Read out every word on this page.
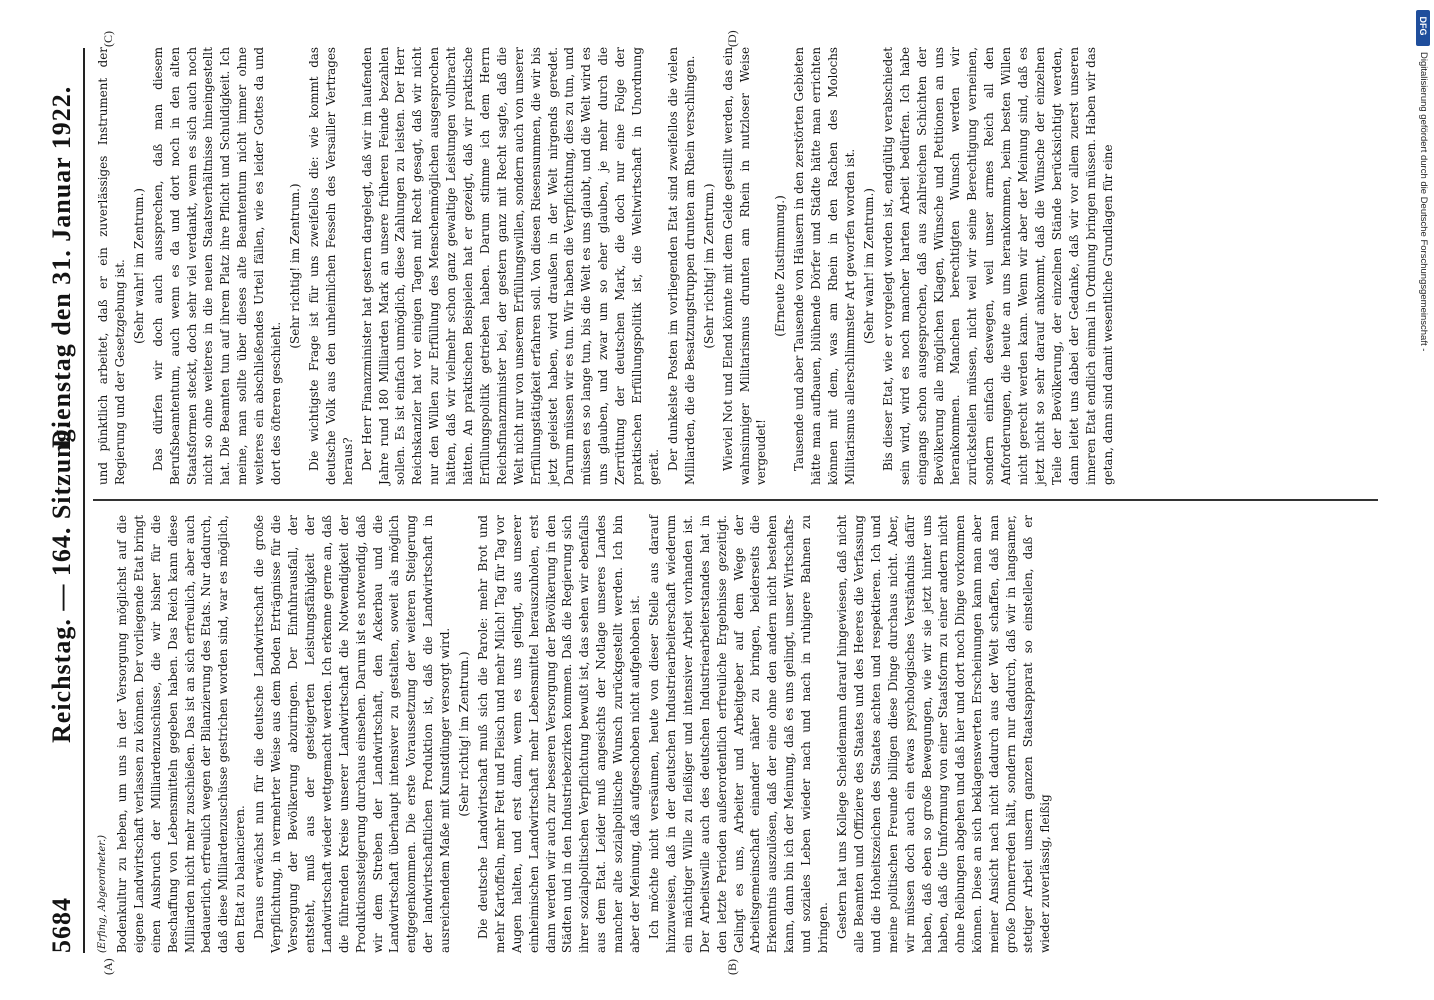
5684
Reichstag. — 164. Sitzung.
Dienstag den 31. Januar 1922.
(A)	(B)
(C)	(D)

(Erfing, Abgeordneter.) Bodenkultur zu heben, um uns in der Versorgung möglichst auf die eigene Landwirtschaft verlassen zu können. Der vorliegende Etat bringt einen Ausbruch der Milliardenzuschüsse, die wir bisher für die Beschaffung von Lebensmitteln gegeben haben. Das Reich kann diese Milliarden nicht mehr zuschießen. Das ist an sich erfreulich, aber auch bedauerlich, erfreulich wegen der Bilanzierung des Etats. Nur dadurch, daß diese Milliardenzuschüsse gestrichen worden sind, war es möglich, den Etat zu balancieren. Daraus erwächst nun für die deutsche Landwirtschaft die große Verpflichtung, in vermehrter Weise aus dem Boden Erträgnisse für die Versorgung der Bevölkerung abzuringen. Der Einfuhrausfall, der entsteht, muß aus der gesteigerten Leistungsfähigkeit der Landwirtschaft wieder wettgemacht werden. Ich erkenne gerne an, daß die führenden Kreise unserer Landwirtschaft die Notwendigkeit der Produktionssteigerung durchaus einsehen. Darum ist es notwendig, daß wir dem Streben der Landwirtschaft, den Ackerbau und die Landwirtschaft überhaupt intensiver zu gestalten, soweit als möglich entgegenkommen. Die erste Voraussetzung der weiteren Steigerung der landwirtschaftlichen Produktion ist, daß die Landwirtschaft in ausreichendem Maße mit Kunstdünger versorgt wird. (Sehr richtig! im Zentrum.) Die deutsche Landwirtschaft muß sich die Parole: mehr Brot und mehr Kartoffeln, mehr Fett und Fleisch und mehr Milch! Tag für Tag vor Augen halten, und erst dann, wenn es uns gelingt, aus unserer einheimischen Landwirtschaft mehr Lebensmittel herauszuholen, erst dann werden wir auch zur besseren Versorgung der Bevölkerung in den Städten und in den Industriebezirken kommen. Daß die Regierung sich ihrer sozialpolitischen Verpflichtung bewußt ist, das sehen wir ebenfalls aus dem Etat. Leider muß angesichts der Notlage unseres Landes mancher alte sozialpolitische Wunsch zurückgestellt werden. Ich bin aber der Meinung, daß aufgeschoben nicht aufgehoben ist. Ich möchte nicht versäumen, heute von dieser Stelle aus darauf hinzuweisen, daß in der deutschen Industriearbeiterschaft wiederum ein mächtiger Wille zu fleißiger und intensiver Arbeit vorhanden ist. Der Arbeitswille auch des deutschen Industriearbeiterstandes hat in den letzte Perioden außerordentlich erfreuliche Ergebnisse gezeitigt. Gelingt es uns, Arbeiter und Arbeitgeber auf dem Wege der Arbeitsgemeinschaft einander näher zu bringen, beiderseits die Erkenntnis auszulösen, daß der eine ohne den andern nicht bestehen kann, dann bin ich der Meinung, daß es uns gelingt, unser Wirtschafts- und soziales Leben wieder nach und nach in ruhigere Bahnen zu bringen. Gestern hat uns Kollege Scheidemann darauf hingewiesen, daß nicht alle Beamten und Offiziere des Staates und des Heeres die Verfassung und die Hoheitszeichen des Staates achten und respektieren. Ich und meine politischen Freunde billigen diese Dinge durchaus nicht. Aber, wir müssen doch auch ein etwas psychologisches Verständnis dafür haben, daß eben so große Bewegungen, wie wir sie jetzt hinter uns haben, daß die Umformung von einer Staatsform zu einer andern nicht ohne Reibungen abgehen und daß hier und dort noch Dinge vorkommen können. Diese an sich beklagenswerten Erscheinungen kann man aber meiner Ansicht nach nicht dadurch aus der Welt schaffen, daß man große Donnerreden hält, sondern nur dadurch, daß wir in langsamer, stetiger Arbeit unsern ganzen Staatsapparat so einstellen, daß er wieder zuverlässig, fleißig

und pünktlich arbeitet, daß er ein zuverlässiges Instrument der Regierung und der Gesetzgebung ist. (Sehr wahr! im Zentrum.) Das dürfen wir doch auch aussprechen, daß man diesem Berufsbeamtentum, auch wenn es da und dort noch in den alten Staatsformen steckt, doch sehr viel verdankt, wenn es sich auch noch nicht so ohne weiteres in die neuen Staatsverhältnisse hineingestellt hat. Die Beamten tun auf ihrem Platz ihre Pflicht und Schuldigkeit. Ich meine, man sollte über dieses alte Beamtentum nicht immer ohne weiteres ein abschließendes Urteil fällen, wie es leider Gottes da und dort des öfteren geschieht.

(Sehr richtig! im Zentrum.) Die wichtigste Frage ist für uns zweifellos die: wie kommt das deutsche Volk aus den unheimlichen Fesseln des Versailler Vertrages heraus? Der Herr Finanzminister hat gestern dargelegt, daß wir im laufenden Jahre rund 180 Milliarden Mark an unsere früheren Feinde bezahlen sollen. Es ist einfach unmöglich, diese Zahlungen zu leisten. Der Herr Reichskanzler hat vor einigen Tagen mit Recht gesagt, daß wir nicht nur den Willen zur Erfüllung des Menschenmöglichen ausgesprochen hätten, daß wir vielmehr schon ganz gewaltige Leistungen vollbracht hätten. An praktischen Beispielen hat er gezeigt, daß wir praktische Erfüllungspolitik getrieben haben. Darum stimme ich dem Herrn Reichsfinanzminister bei, der gestern ganz mit Recht sagte, daß die Welt nicht nur von unserem Erfüllungswillen, sondern auch von unserer Erfüllungstätigkeit erfahren soll. Von diesen Riesensummen, die wir bis jetzt geleistet haben, wird draußen in der Welt nirgends geredet. Darum müssen wir es tun. Wir haben die Verpflichtung, dies zu tun, und müssen es so lange tun, bis die Welt es uns glaubt, und die Welt wird es uns glauben, und zwar um so eher glauben, je mehr durch die Zerrüttung der deutschen Mark, die doch nur eine Folge der praktischen Erfüllungspolitik ist, die Weltwirtschaft in Unordnung gerät. Der dunkelste Posten im vorliegenden Etat sind zweifellos die vielen Milliarden, die die Besatzungstruppen drunten am Rhein verschlingen. (Sehr richtig! im Zentrum.) Wieviel Not und Elend könnte mit dem Gelde gestillt werden, das ein wahnsinniger Militarismus drunten am Rhein in nutzloser Weise vergeudet!

(Erneute Zustimmung.) Tausende und aber Tausende von Häusern in den zerstörten Gebieten hätte man aufbauen, blühende Dörfer und Städte hätte man errichten können mit dem, was am Rhein in den Rachen des Molochs Militarismus allerschlimmster Art geworfen worden ist. (Sehr wahr! im Zentrum.) Bis dieser Etat, wie er vorgelegt worden ist, endgültig verabschiedet sein wird, wird es noch mancher harten Arbeit bedürfen. Ich habe eingangs schon ausgesprochen, daß aus zahlreichen Schichten der Bevölkerung alle möglichen Klagen, Wünsche und Petitionen an uns herankommen. Manchen berechtigten Wunsch werden wir zurückstellen müssen, nicht weil wir seine Berechtigung verneinen, sondern einfach deswegen, weil unser armes Reich all den Anforderungen, die heute an uns herankommen, beim besten Willen nicht gerecht werden kann. Wenn wir aber der Meinung sind, daß es jetzt nicht so sehr darauf ankommt, daß die Wünsche der einzelnen Teile der Bevölkerung, der einzelnen Stände berücksichtigt werden, dann leitet uns dabei der Gedanke, daß wir vor allem zuerst unseren inneren Etat endlich einmal in Ordnung bringen müssen. Haben wir das getan, dann sind damit wesentliche Grundlagen für eine

DFG
Digitalisierung gefördert durch die Deutsche Forschungsgemeinschaft -
